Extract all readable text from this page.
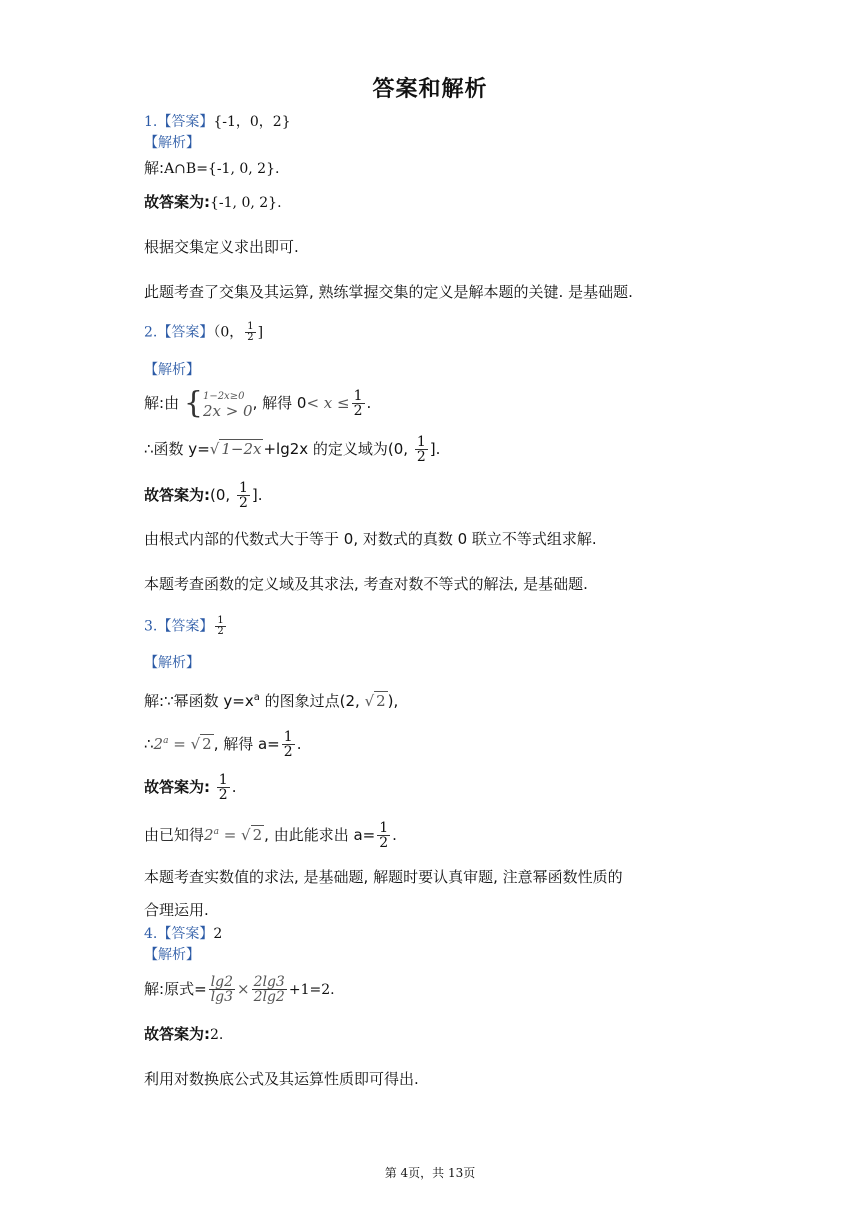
答案和解析
1.【答案】{-1，0，2}
【解析】
解:A∩B={-1, 0, 2}.
故答案为:{-1, 0, 2}.
根据交集定义求出即可.
此题考查了交集及其运算, 熟练掌握交集的定义是解本题的关键. 是基础题.
2.【答案】（0， $\frac{1}{2}$ ]
【解析】
解:由 { 1−2x≥0
2x > 0 , 解得 $0< x \le \frac{1}{2}$ .
∴函数 y=√ 1−2x +lg2x 的定义域为(0, $\frac{1}{2}$ ].
故答案为:(0, $\frac{1}{2}$ ].
由根式内部的代数式大于等于 0, 对数式的真数 0 联立不等式组求解.
本题考查函数的定义域及其求法, 考查对数不等式的解法, 是基础题.
3.【答案】 $\frac{1}{2}$
【解析】
解:∵幂函数 $y=x^a$ 的图象过点(2, √ 2 ),
$\therefore 2^a$ = √ 2 , 解得 $a= \frac{1}{2}$ .
故答案为: $\frac{1}{2}$ .
由已知得$2^a$ = √ 2 , 由此能求出 $a= \frac{1}{2}$ .
本题考查实数值的求法, 是基础题, 解题时要认真审题, 注意幂函数性质的
合理运用.
4.【答案】2
【解析】
解:原式= $\frac{\lg 2}{\lg 3} \times \frac{2\lg 3}{2\lg 2} +1=2$.
故答案为:2.
利用对数换底公式及其运算性质即可得出.
第 4页，共 13页
